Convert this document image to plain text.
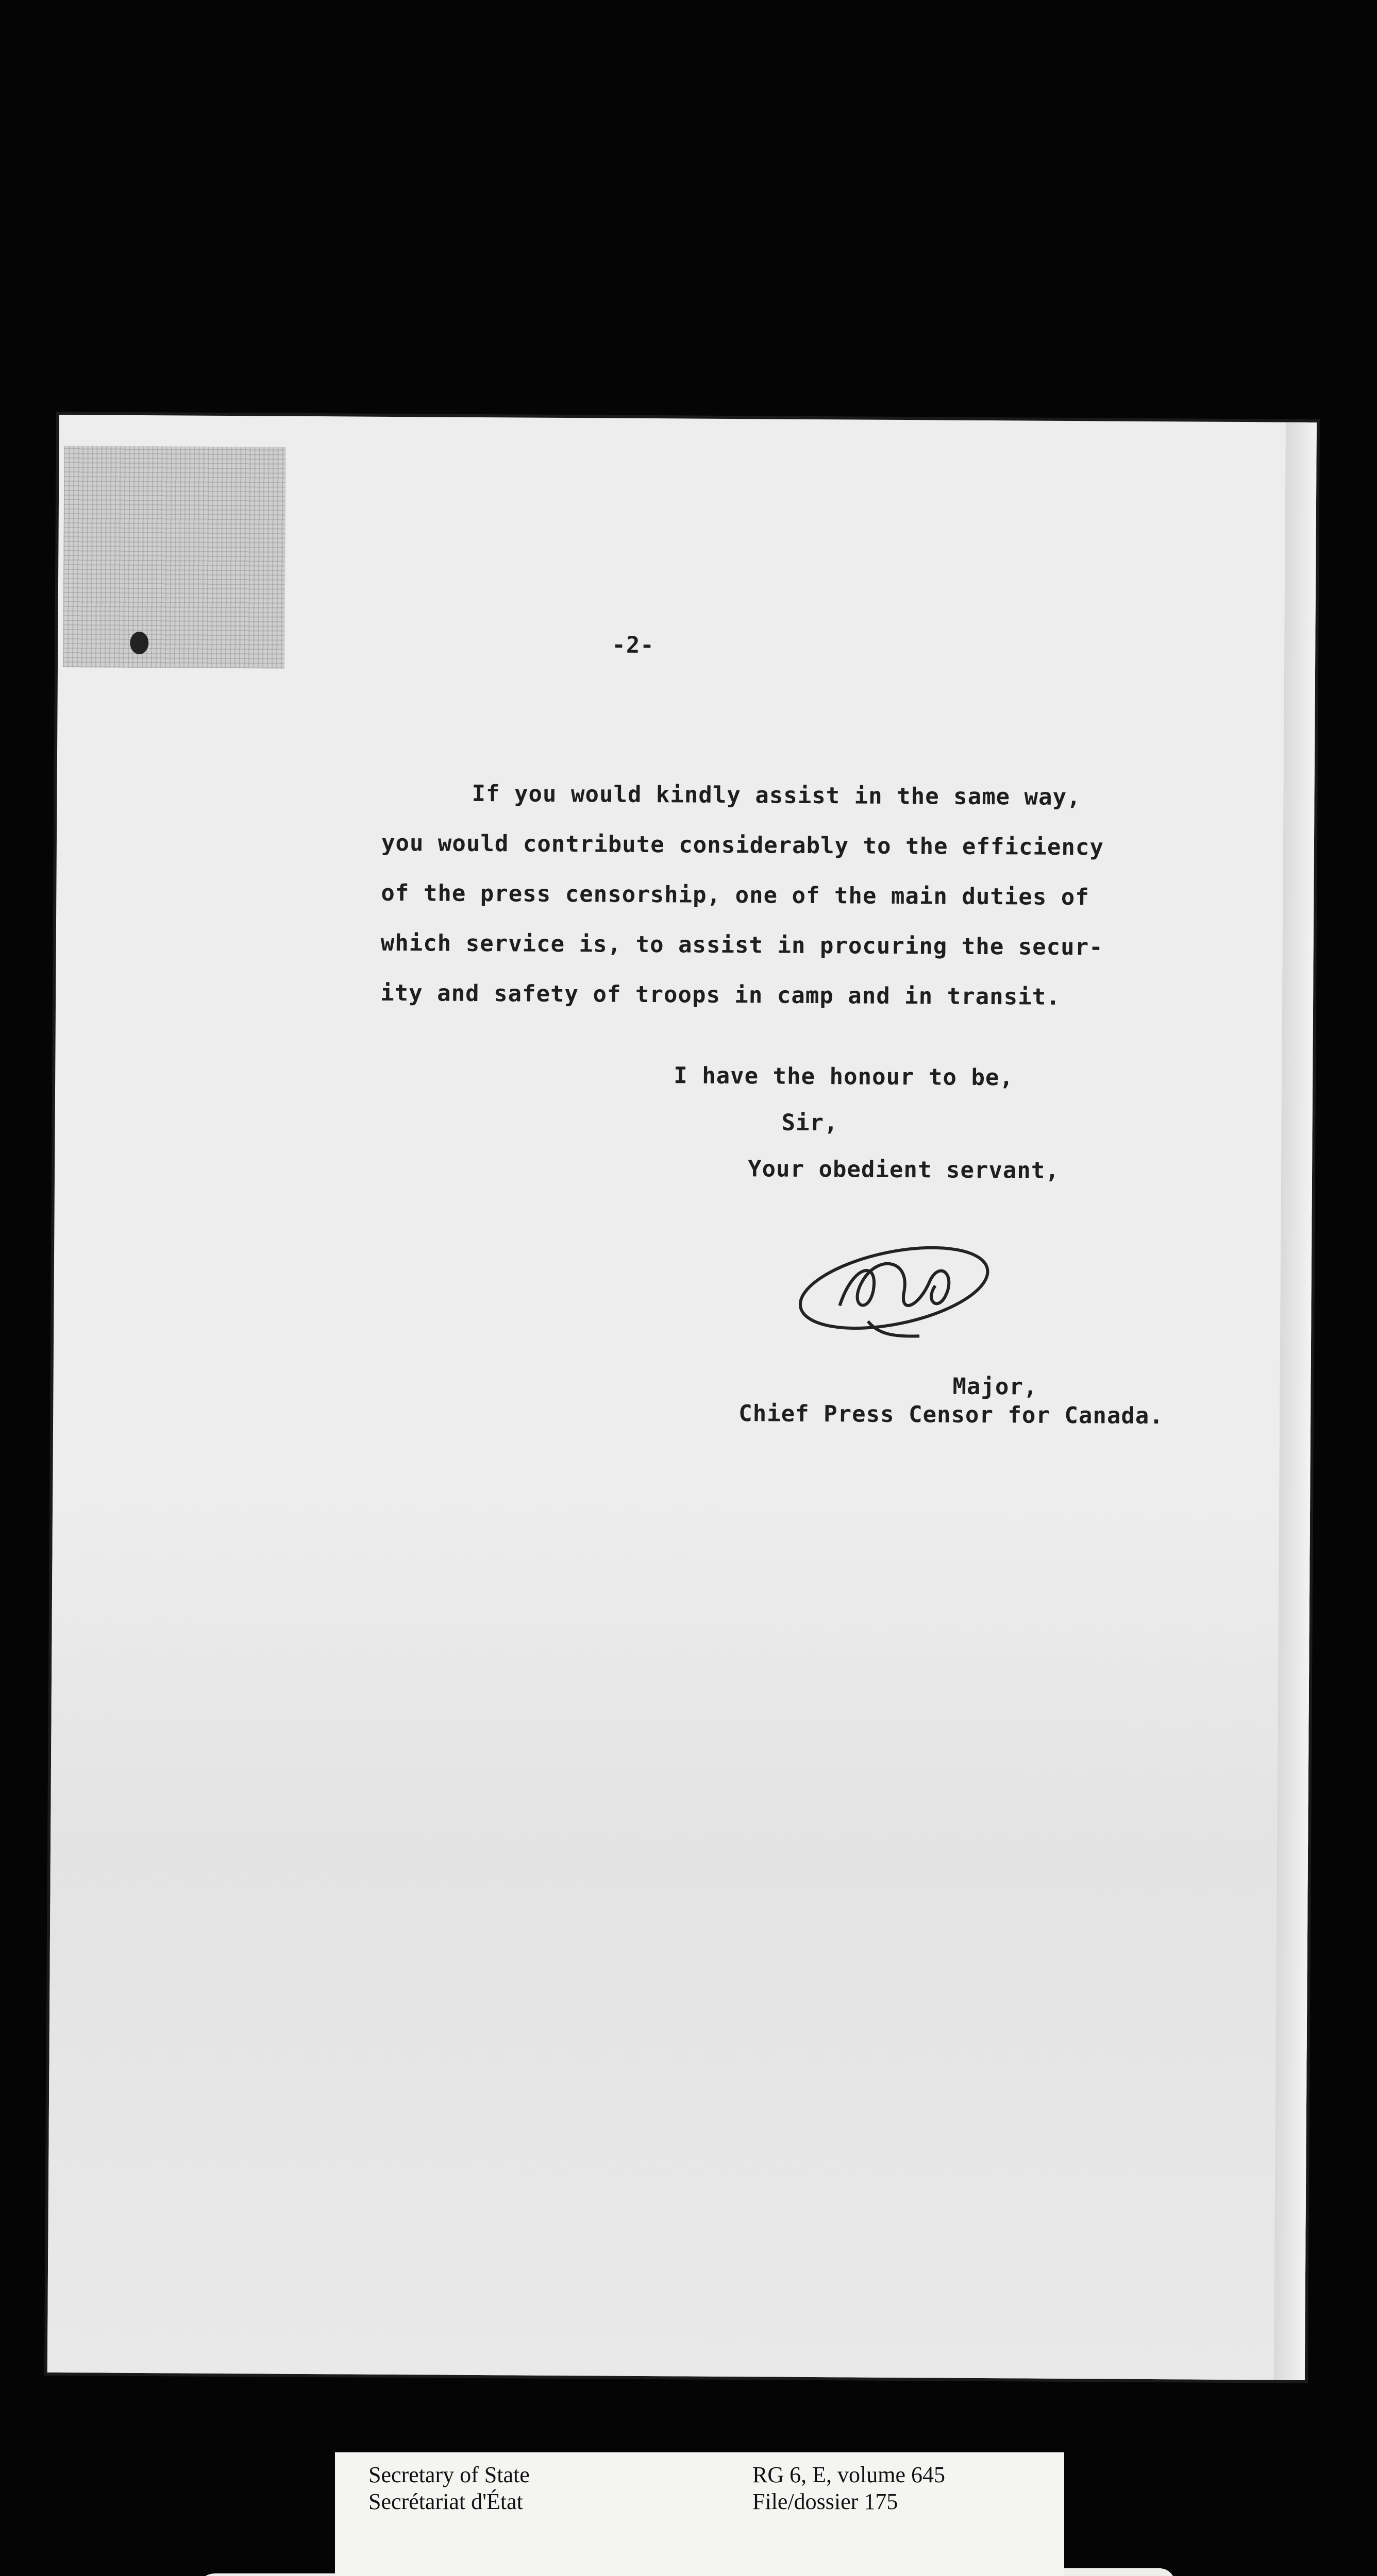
-2-
If you would kindly assist in the same way,
you would contribute considerably to the efficiency
of the press censorship, one of the main duties of
which service is, to assist in procuring the secur-
ity and safety of troops in camp and in transit.
I have the honour to be,
Sir,
Your obedient servant,
Major,
Chief Press Censor for Canada.
Secretary of State
Secrétariat d'État
RG 6, E, volume 645
File/dossier 175
